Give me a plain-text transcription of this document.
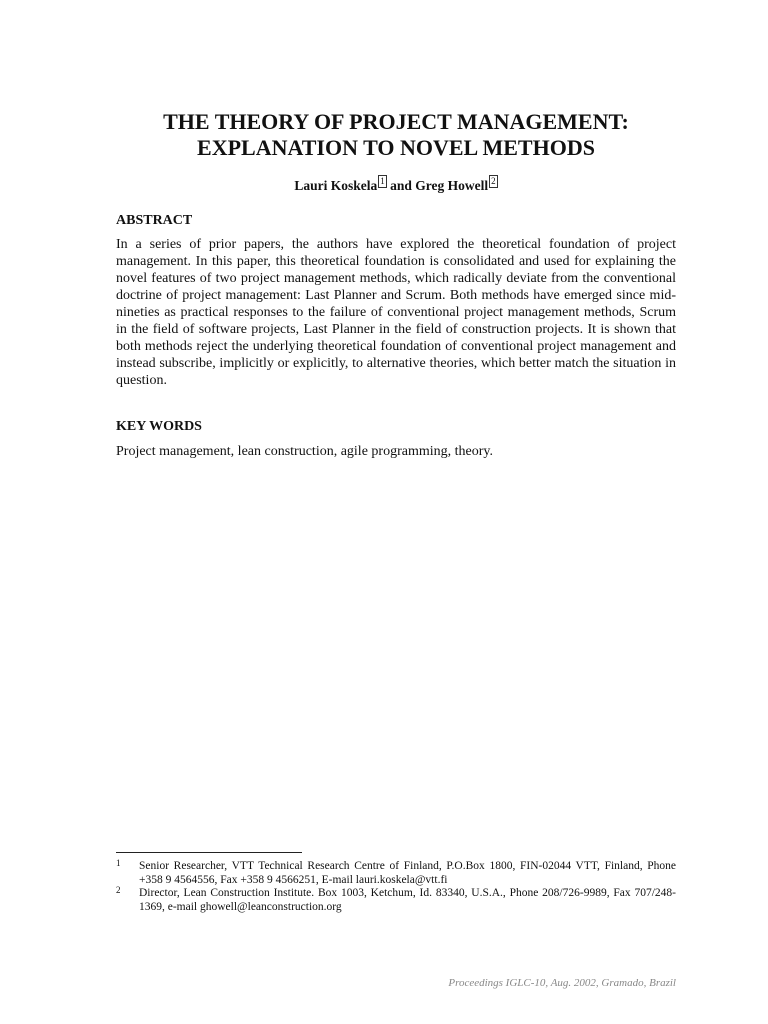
THE THEORY OF PROJECT MANAGEMENT:
EXPLANATION TO NOVEL METHODS
Lauri Koskela 1 and Greg Howell 2
ABSTRACT

In a series of prior papers, the authors have explored the theoretical foundation of project management. In this paper, this theoretical foundation is consolidated and used for explaining the novel features of two project management methods, which radically deviate from the conventional doctrine of project management: Last Planner and Scrum. Both methods have emerged since mid-nineties as practical responses to the failure of conventional project management methods, Scrum in the field of software projects, Last Planner in the field of construction projects. It is shown that both methods reject the underlying theoretical foundation of conventional project management and instead subscribe, implicitly or explicitly, to alternative theories, which better match the situation in question.

KEY WORDS

Project management, lean construction, agile programming, theory.

1 Senior Researcher, VTT Technical Research Centre of Finland, P.O.Box 1800, FIN-02044 VTT, Finland, Phone +358 9 4564556, Fax +358 9 4566251, E-mail lauri.koskela@vtt.fi
2 Director, Lean Construction Institute. Box 1003, Ketchum, Id. 83340, U.S.A., Phone 208/726-9989, Fax 707/248-1369, e-mail ghowell@leanconstruction.org
Proceedings IGLC-10, Aug. 2002, Gramado, Brazil
